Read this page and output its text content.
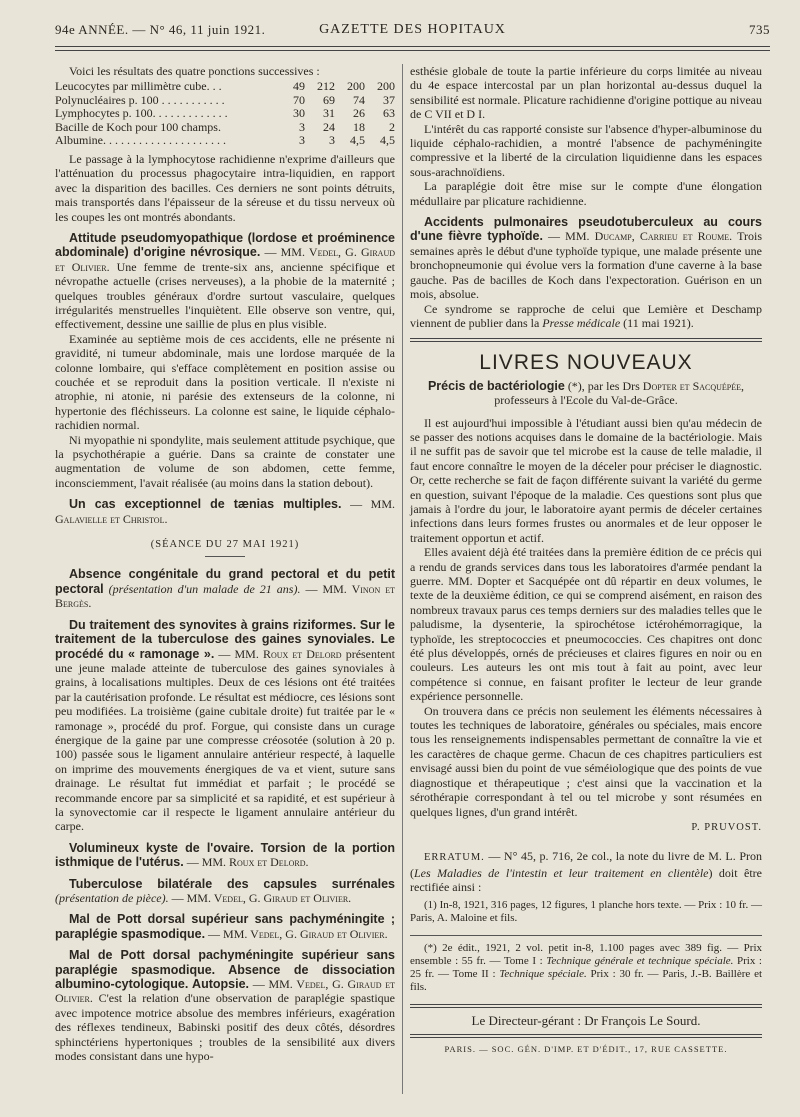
94e ANNÉE. — N° 46, 11 juin 1921.	GAZETTE DES HOPITAUX	735

Voici les résultats des quatre ponctions successives :

Leucocytes par millimètre cube. . .	49	212	200	200
Polynucléaires p. 100 . . . . . . . . . . .	70	69	74	37
Lymphocytes p. 100. . . . . . . . . . . . .	30	31	26	63
Bacille de Koch pour 100 champs.	3	24	18	2
Albumine. . . . . . . . . . . . . . . . . . . . .	3	3	4,5	4,5

Le passage à la lymphocytose rachidienne n'exprime d'ailleurs que l'atténuation du processus phagocytaire intra-liquidien, en rapport avec la disparition des bacilles. Ces derniers ne sont points détruits, mais transportés dans l'épaisseur de la séreuse et du tissu nerveux où les coupes les ont montrés abondants.

Attitude pseudomyopathique (lordose et proéminence abdominale) d'origine névrosique. — MM. Vedel, G. Giraud et Olivier. Une femme de trente-six ans, ancienne spécifique et névropathe actuelle (crises nerveuses), a la phobie de la maternité ; quelques troubles généraux d'ordre surtout vasculaire, quelques irrégularités menstruelles l'inquiètent. Elle observe son ventre, qui, effectivement, dessine une saillie de plus en plus visible.

Examinée au septième mois de ces accidents, elle ne présente ni gravidité, ni tumeur abdominale, mais une lordose marquée de la colonne lombaire, qui s'efface complètement en position assise ou couchée et se reproduit dans la position verticale. Il n'existe ni atrophie, ni atonie, ni parésie des extenseurs de la colonne, ni hypertonie des fléchisseurs. La colonne est saine, le liquide céphalo-rachidien normal.

Ni myopathie ni spondylite, mais seulement attitude psychique, que la psychothérapie a guérie. Dans sa crainte de constater une augmentation de volume de son abdomen, cette femme, inconsciemment, l'avait réalisée (au moins dans la station debout).

Un cas exceptionnel de tænias multiples. — MM. Galavielle et Christol.

(SÉANCE DU 27 MAI 1921)

Absence congénitale du grand pectoral et du petit pectoral (présentation d'un malade de 21 ans). — MM. Vinon et Bergès.

Du traitement des synovites à grains riziformes. Sur le traitement de la tuberculose des gaines synoviales. Le procédé du « ramonage ». — MM. Roux et Delord présentent une jeune malade atteinte de tuberculose des gaines synoviales à grains, à localisations multiples. Deux de ces lésions ont été traitées par la cautérisation profonde. Le résultat est médiocre, ces lésions sont peu modifiées. La troisième (gaine cubitale droite) fut traitée par le « ramonage », procédé du prof. Forgue, qui consiste dans un curage énergique de la gaine par une compresse créosotée (solution à 20 p. 100) passée sous le ligament annulaire antérieur respecté, à laquelle on imprime des mouvements énergiques de va et vient, suture sans drainage. Le résultat fut immédiat et parfait ; le procédé se recommande encore par sa simplicité et sa rapidité, et est supérieur à la synovectomie car il respecte le ligament annulaire antérieur du carpe.

Volumineux kyste de l'ovaire. Torsion de la portion isthmique de l'utérus. — MM. Roux et Delord.

Tuberculose bilatérale des capsules surrénales (présentation de pièce). — MM. Vedel, G. Giraud et Olivier.

Mal de Pott dorsal supérieur sans pachyméningite ; paraplégie spasmodique. — MM. Vedel, G. Giraud et Olivier.

Mal de Pott dorsal pachyméningite supérieur sans paraplégie spasmodique. Absence de dissociation albumino-cytologique. Autopsie. — MM. Vedel, G. Giraud et Olivier. C'est la relation d'une observation de paraplégie spastique avec impotence motrice absolue des membres inférieurs, exagération des réflexes tendineux, Babinski positif des deux côtés, désordres sphinctériens hypertoniques ; troubles de la sensibilité aux divers modes consistant dans une hypo-

esthésie globale de toute la partie inférieure du corps limitée au niveau du 4e espace intercostal par un plan horizontal au-dessus duquel la sensibilité est normale. Plicature rachidienne d'origine pottique au niveau de C VII et D I.

L'intérêt du cas rapporté consiste sur l'absence d'hyper-albuminose du liquide céphalo-rachidien, a montré l'absence de pachyméningite compressive et la liberté de la circulation liquidienne dans les espaces sous-arachnoïdiens.

La paraplégie doit être mise sur le compte d'une élongation médullaire par plicature rachidienne.

Accidents pulmonaires pseudotuberculeux au cours d'une fièvre typhoïde. — MM. Ducamp, Carrieu et Roume. Trois semaines après le début d'une typhoïde typique, une malade présente une bronchopneumonie qui évolue vers la formation d'une caverne à la base gauche. Pas de bacilles de Koch dans l'expectoration. Guérison en un mois, absolue.

Ce syndrome se rapproche de celui que Lemière et Deschamp viennent de publier dans la Presse médicale (11 mai 1921).

LIVRES NOUVEAUX

Précis de bactériologie (*), par les Drs Dopter et Sacquépée,

professeurs à l'Ecole du Val-de-Grâce.

Il est aujourd'hui impossible à l'étudiant aussi bien qu'au médecin de se passer des notions acquises dans le domaine de la bactériologie. Mais il ne suffit pas de savoir que tel microbe est la cause de telle maladie, il faut encore connaître le moyen de la déceler pour préciser le diagnostic. Or, cette recherche se fait de façon différente suivant la variété du germe en question, suivant l'époque de la maladie. Ces questions sont plus que jamais à l'ordre du jour, le laboratoire ayant permis de déceler certaines infections dans leurs formes frustes ou anormales et de leur opposer le traitement opportun et actif.

Elles avaient déjà été traitées dans la première édition de ce précis qui a rendu de grands services dans tous les laboratoires d'armée pendant la guerre. MM. Dopter et Sacquépée ont dû répartir en deux volumes, le texte de la deuxième édition, ce qui se comprend aisément, en raison des nombreux travaux parus ces temps derniers sur des maladies telles que le paludisme, la dysenterie, la spirochétose ictérohémorragique, la typhoïde, les streptococcies et pneumococcies. Ces chapitres ont donc été plus développés, ornés de précieuses et claires figures en noir ou en couleurs. Les auteurs les ont mis tout à fait au point, avec leur compétence si connue, en faisant profiter le lecteur de leur grande expérience personnelle.

On trouvera dans ce précis non seulement les éléments nécessaires à toutes les techniques de laboratoire, générales ou spéciales, mais encore tous les renseignements indispensables permettant de connaître la vie et les caractères de chaque germe. Chacun de ces chapitres particuliers est envisagé aussi bien du point de vue séméiologique que des points de vue diagnostique et thérapeutique ; c'est ainsi que la vaccination et la sérothérapie correspondant à tel ou tel microbe y sont résumées en quelques lignes, d'un grand intérêt.

P. PRUVOST.

ERRATUM. — N° 45, p. 716, 2e col., la note du livre de M. L. Pron (Les Maladies de l'intestin et leur traitement en clientèle) doit être rectifiée ainsi :

(1) In-8, 1921, 316 pages, 12 figures, 1 planche hors texte. — Prix : 10 fr. — Paris, A. Maloine et fils.

(*) 2e édit., 1921, 2 vol. petit in-8, 1.100 pages avec 389 fig. — Prix ensemble : 55 fr. — Tome I : Technique générale et technique spéciale. Prix : 25 fr. — Tome II : Technique spéciale. Prix : 30 fr. — Paris, J.-B. Baillère et fils.

Le Directeur-gérant : Dr François Le Sourd.
PARIS. — SOC. GÉN. D'IMP. ET D'ÉDIT., 17, RUE CASSETTE.
